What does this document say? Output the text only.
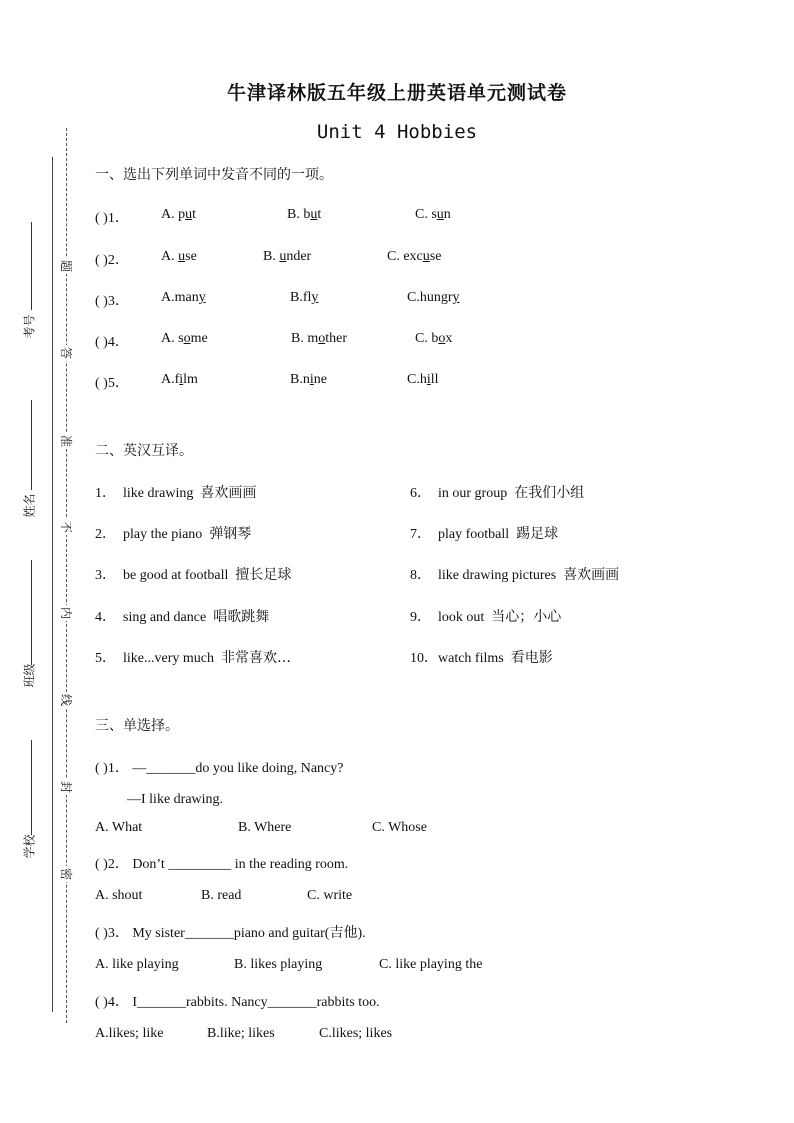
牛津译林版五年级上册英语单元测试卷
Unit 4 Hobbies
题
答
准
不
内
线
封
密
考号
姓名
班级
学校
一、选出下列单词中发音不同的一项。
( )1． A. put	B. but	C. sun
( )2． A. use	B. under	C. excuse
( )3． A.many	B.fly	C.hungry
( )4． A. some	B. mother	C. box
( )5． A.film	B.nine	C.hill
二、英汉互译。
1． like drawing 喜欢画画
2． play the piano 弹钢琴
3． be good at football 擅长足球
4． sing and dance 唱歌跳舞
5． like...very much 非常喜欢…
6． in our group 在我们小组
7． play football 踢足球
8． like drawing pictures 喜欢画画
9． look out 当心；小心
10．watch films 看电影
三、单选择。
( )1． —_______do you like doing, Nancy?
—I like drawing.
A. What	B. Where	C. Whose
( )2． Don’t _________ in the reading room.
A. shout	B. read	C. write
( )3． My sister_______piano and guitar(吉他).
A. like playing	B. likes playing	C. like playing the
( )4． I_______rabbits. Nancy_______rabbits too.
A.likes; like	B.like; likes	C.likes; likes
